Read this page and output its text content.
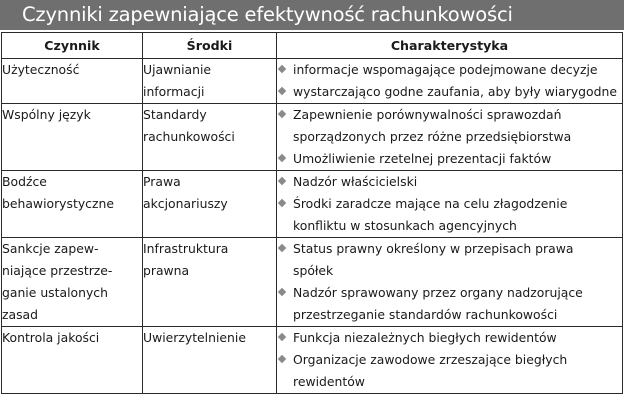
Czynniki zapewniające efektywność rachunkowości
Czynnik	Środki	Charakterystyka
Użyteczność	Ujawnianie informacji	informacje wspomagające podejmowane decyzje
wystarczająco godne zaufania, aby były wiarygodne

Wspólny język	Standardy rachunkowości	Zapewnienie porównywalności sprawozdań sporządzonych przez różne przedsiębiorstwa
Umożliwienie rzetelnej prezentacji faktów

Bodźce behawiorystyczne	Prawa akcjonariuszy	Nadzór właścicielski
Środki zaradcze mające na celu złagodzenie konfliktu w stosunkach agencyjnych

Sankcje zapew-niające przestrze-ganie ustalonych zasad	Infrastruktura prawna	Status prawny określony w przepisach prawa spółek
Nadzór sprawowany przez organy nadzorujące przestrzeganie standardów rachunkowości

Kontrola jakości	Uwierzytelnienie	Funkcja niezależnych biegłych rewidentów
Organizacje zawodowe zrzeszające biegłych rewidentów
